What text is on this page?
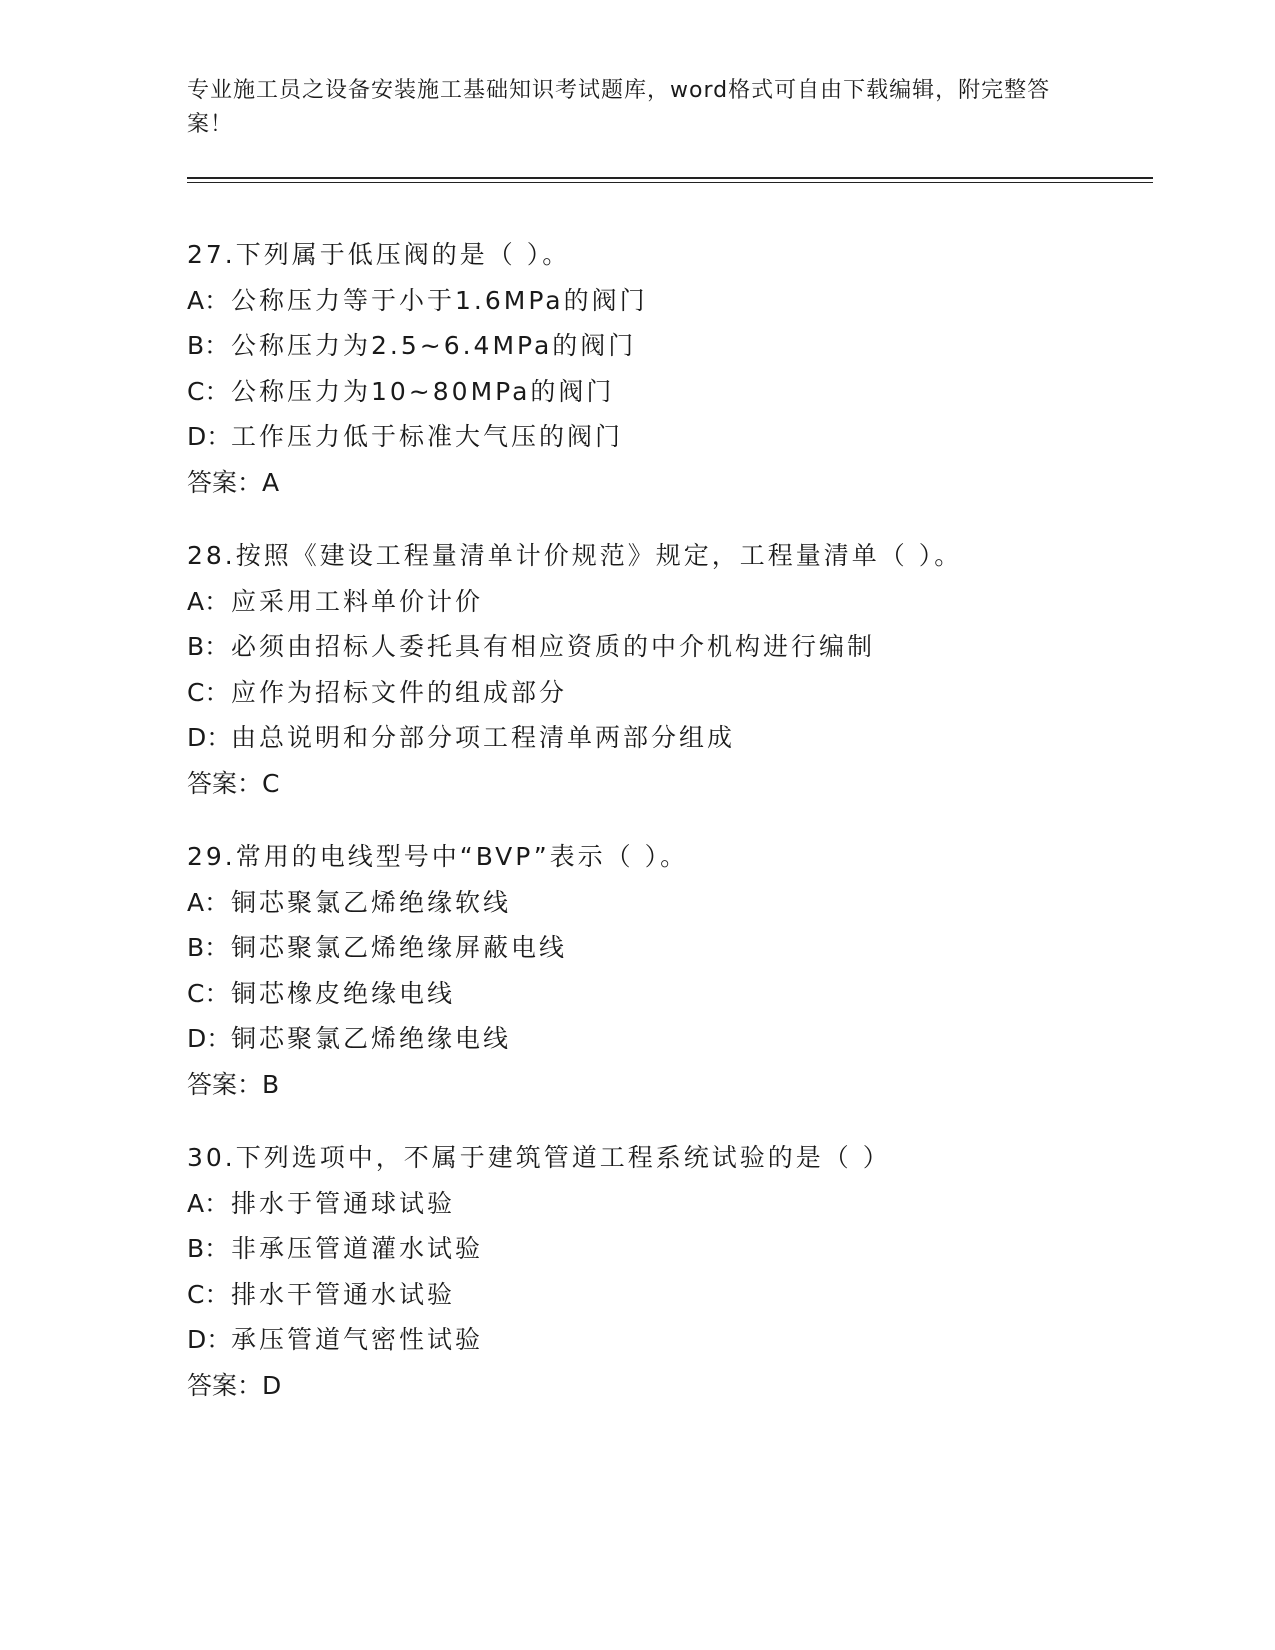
专业施工员之设备安装施工基础知识考试题库，word格式可自由下载编辑，附完整答案！
27.下列属于低压阀的是（ ）。
A：公称压力等于小于1.6MPa的阀门
B：公称压力为2.5~6.4MPa的阀门
C：公称压力为10~80MPa的阀门
D：工作压力低于标准大气压的阀门
答案：A
28.按照《建设工程量清单计价规范》规定，工程量清单（ ）。
A：应采用工料单价计价
B：必须由招标人委托具有相应资质的中介机构进行编制
C：应作为招标文件的组成部分
D：由总说明和分部分项工程清单两部分组成
答案：C
29.常用的电线型号中“BVP”表示（ ）。
A：铜芯聚氯乙烯绝缘软线
B：铜芯聚氯乙烯绝缘屏蔽电线
C：铜芯橡皮绝缘电线
D：铜芯聚氯乙烯绝缘电线
答案：B
30.下列选项中，不属于建筑管道工程系统试验的是（ ）
A：排水于管通球试验
B：非承压管道灌水试验
C：排水干管通水试验
D：承压管道气密性试验
答案：D
